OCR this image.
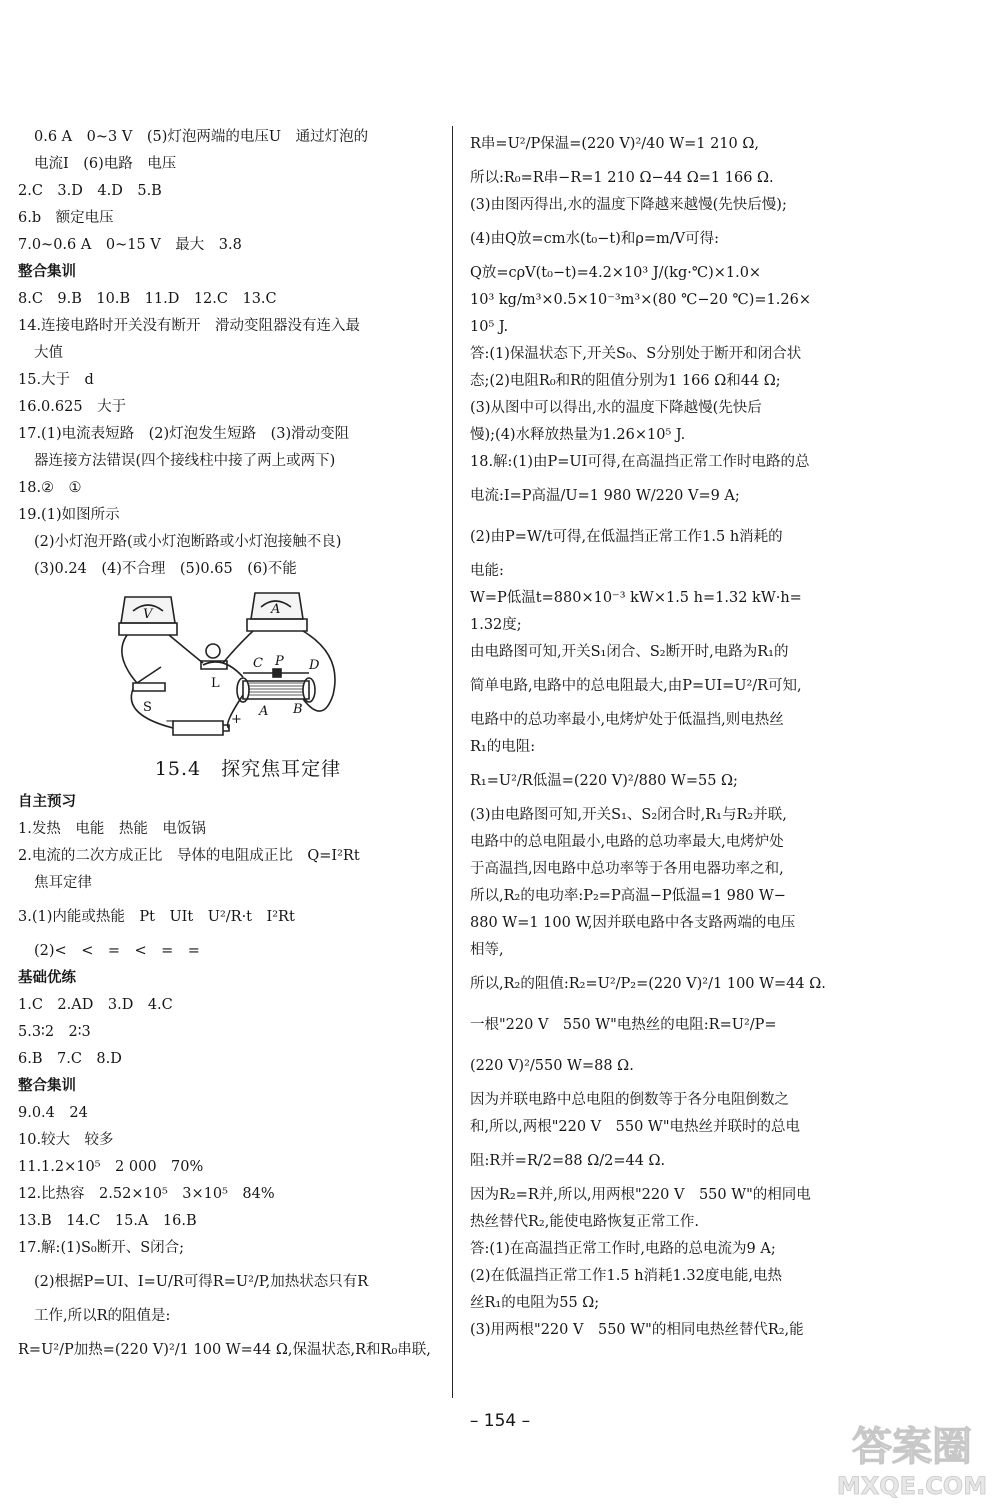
0.6 A　0~3 V　(5)灯泡两端的电压U　通过灯泡的
电流I　(6)电路　电压
2.C　3.D　4.D　5.B
6.b　额定电压
7.0~0.6 A　0~15 V　最大　3.8
整合集训
8.C　9.B　10.B　11.D　12.C　13.C
14.连接电路时开关没有断开　滑动变阻器没有连入最
大值
15.大于　d
16.0.625　大于
17.(1)电流表短路　(2)灯泡发生短路　(3)滑动变阻
器连接方法错误(四个接线柱中接了两上或两下)
18.②　①
19.(1)如图所示
(2)小灯泡开路(或小灯泡断路或小灯泡接触不良)
(3)0.24　(4)不合理　(5)0.65　(6)不能
V	A
L
S
C P D
A B
−	+
15.4　探究焦耳定律
自主预习
1.发热　电能　热能　电饭锅
2.电流的二次方成正比　导体的电阻成正比　Q=I²Rt
焦耳定律
3.(1)内能或热能　Pt　UIt　U²/R·t　I²Rt
(2)<　<　=　<　=　=
基础优练
1.C　2.AD　3.D　4.C
5.3∶2　2∶3
6.B　7.C　8.D
整合集训
9.0.4　24
10.较大　较多
11.1.2×10⁵　2 000　70%
12.比热容　2.52×10⁵　3×10⁵　84%
13.B　14.C　15.A　16.B
17.解:(1)S₀断开、S闭合;
(2)根据P=UI、I=U/R可得R=U²/P,加热状态只有R
工作,所以R的阻值是:
R=U²/P加热=(220 V)²/1 100 W=44 Ω,保温状态,R和R₀串联,
R串=U²/P保温=(220 V)²/40 W=1 210 Ω,
所以:R₀=R串−R=1 210 Ω−44 Ω=1 166 Ω.
(3)由图丙得出,水的温度下降越来越慢(先快后慢);
(4)由Q放=cm水(t₀−t)和ρ=m/V可得:
Q放=cρV(t₀−t)=4.2×10³ J/(kg·℃)×1.0×
10³ kg/m³×0.5×10⁻³m³×(80 ℃−20 ℃)=1.26×
10⁵ J.
答:(1)保温状态下,开关S₀、S分别处于断开和闭合状
态;(2)电阻R₀和R的阻值分别为1 166 Ω和44 Ω;
(3)从图中可以得出,水的温度下降越慢(先快后
慢);(4)水释放热量为1.26×10⁵ J.
18.解:(1)由P=UI可得,在高温挡正常工作时电路的总
电流:I=P高温/U=1 980 W/220 V=9 A;
(2)由P=W/t可得,在低温挡正常工作1.5 h消耗的
电能:
W=P低温t=880×10⁻³ kW×1.5 h=1.32 kW·h=
1.32度;
由电路图可知,开关S₁闭合、S₂断开时,电路为R₁的
简单电路,电路中的总电阻最大,由P=UI=U²/R可知,
电路中的总功率最小,电烤炉处于低温挡,则电热丝
R₁的电阻:
R₁=U²/R低温=(220 V)²/880 W=55 Ω;
(3)由电路图可知,开关S₁、S₂闭合时,R₁与R₂并联,
电路中的总电阻最小,电路的总功率最大,电烤炉处
于高温挡,因电路中总功率等于各用电器功率之和,
所以,R₂的电功率:P₂=P高温−P低温=1 980 W−
880 W=1 100 W,因并联电路中各支路两端的电压
相等,
所以,R₂的阻值:R₂=U²/P₂=(220 V)²/1 100 W=44 Ω.
一根"220 V　550 W"电热丝的电阻:R=U²/P=
(220 V)²/550 W=88 Ω.
因为并联电路中总电阻的倒数等于各分电阻倒数之
和,所以,两根"220 V　550 W"电热丝并联时的总电
阻:R并=R/2=88 Ω/2=44 Ω.
因为R₂=R并,所以,用两根"220 V　550 W"的相同电
热丝替代R₂,能使电路恢复正常工作.
答:(1)在高温挡正常工作时,电路的总电流为9 A;
(2)在低温挡正常工作1.5 h消耗1.32度电能,电热
丝R₁的电阻为55 Ω;
(3)用两根"220 V　550 W"的相同电热丝替代R₂,能
– 154 –
答案圈
MXQE.COM
